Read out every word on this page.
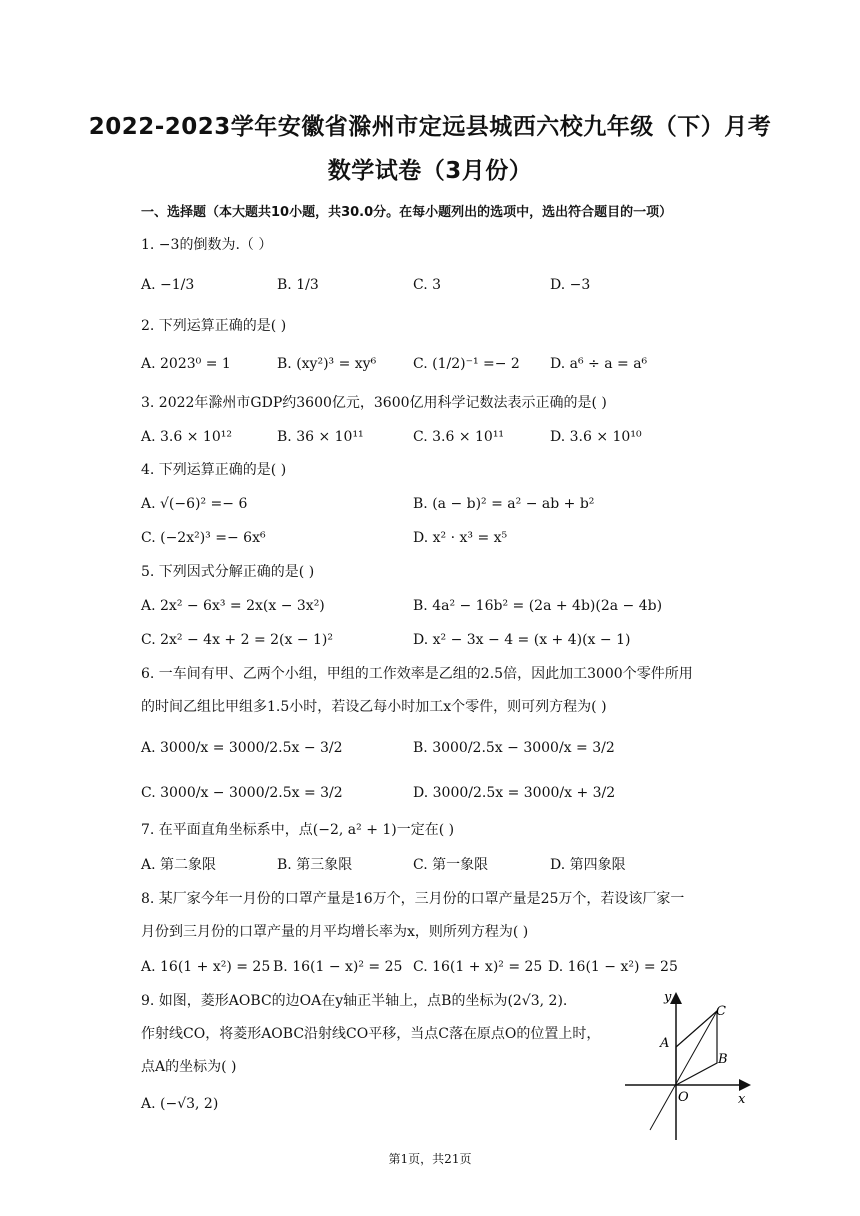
2022-2023学年安徽省滁州市定远县城西六校九年级（下）月考
数学试卷（3月份）
一、选择题（本大题共10小题，共30.0分。在每小题列出的选项中，选出符合题目的一项）
1. −3的倒数为.（ ）
A. −1/3	B. 1/3	C. 3	D. −3
2. 下列运算正确的是( )
A. 2023⁰ = 1	B. (xy²)³ = xy⁶	C. (1/2)⁻¹ =− 2 D. a⁶ ÷ a = a⁶
3. 2022年滁州市GDP约3600亿元，3600亿用科学记数法表示正确的是( )
A. 3.6 × 10¹²	B. 36 × 10¹¹	C. 3.6 × 10¹¹	D. 3.6 × 10¹⁰
4. 下列运算正确的是( )
A. √(−6)² =− 6	B. (a − b)² = a² − ab + b²
C. (−2x²)³ =− 6x⁶	D. x² · x³ = x⁵
5. 下列因式分解正确的是( )
A. 2x² − 6x³ = 2x(x − 3x²)	B. 4a² − 16b² = (2a + 4b)(2a − 4b)
C. 2x² − 4x + 2 = 2(x − 1)²	D. x² − 3x − 4 = (x + 4)(x − 1)
6. 一车间有甲、乙两个小组，甲组的工作效率是乙组的2.5倍，因此加工3000个零件所用
的时间乙组比甲组多1.5小时，若设乙每小时加工x个零件，则可列方程为( )
A. 3000/x = 3000/2.5x − 3/2	B. 3000/2.5x − 3000/x = 3/2
C. 3000/x − 3000/2.5x = 3/2	D. 3000/2.5x = 3000/x + 3/2
7. 在平面直角坐标系中，点(−2, a² + 1)一定在( )
A. 第二象限	B. 第三象限	C. 第一象限	D. 第四象限
8. 某厂家今年一月份的口罩产量是16万个，三月份的口罩产量是25万个，若设该厂家一
月份到三月份的口罩产量的月平均增长率为x，则所列方程为( )
A. 16(1 + x²) = 25 B. 16(1 − x)² = 25 C. 16(1 + x)² = 25 D. 16(1 − x²) = 25
9. 如图，菱形AOBC的边OA在y轴正半轴上，点B的坐标为(2√3, 2).
作射线CO，将菱形AOBC沿射线CO平移，当点C落在原点O的位置上时，
点A的坐标为( )
A. (−√3, 2)
y
x
C
A
B
O
第1页，共21页
